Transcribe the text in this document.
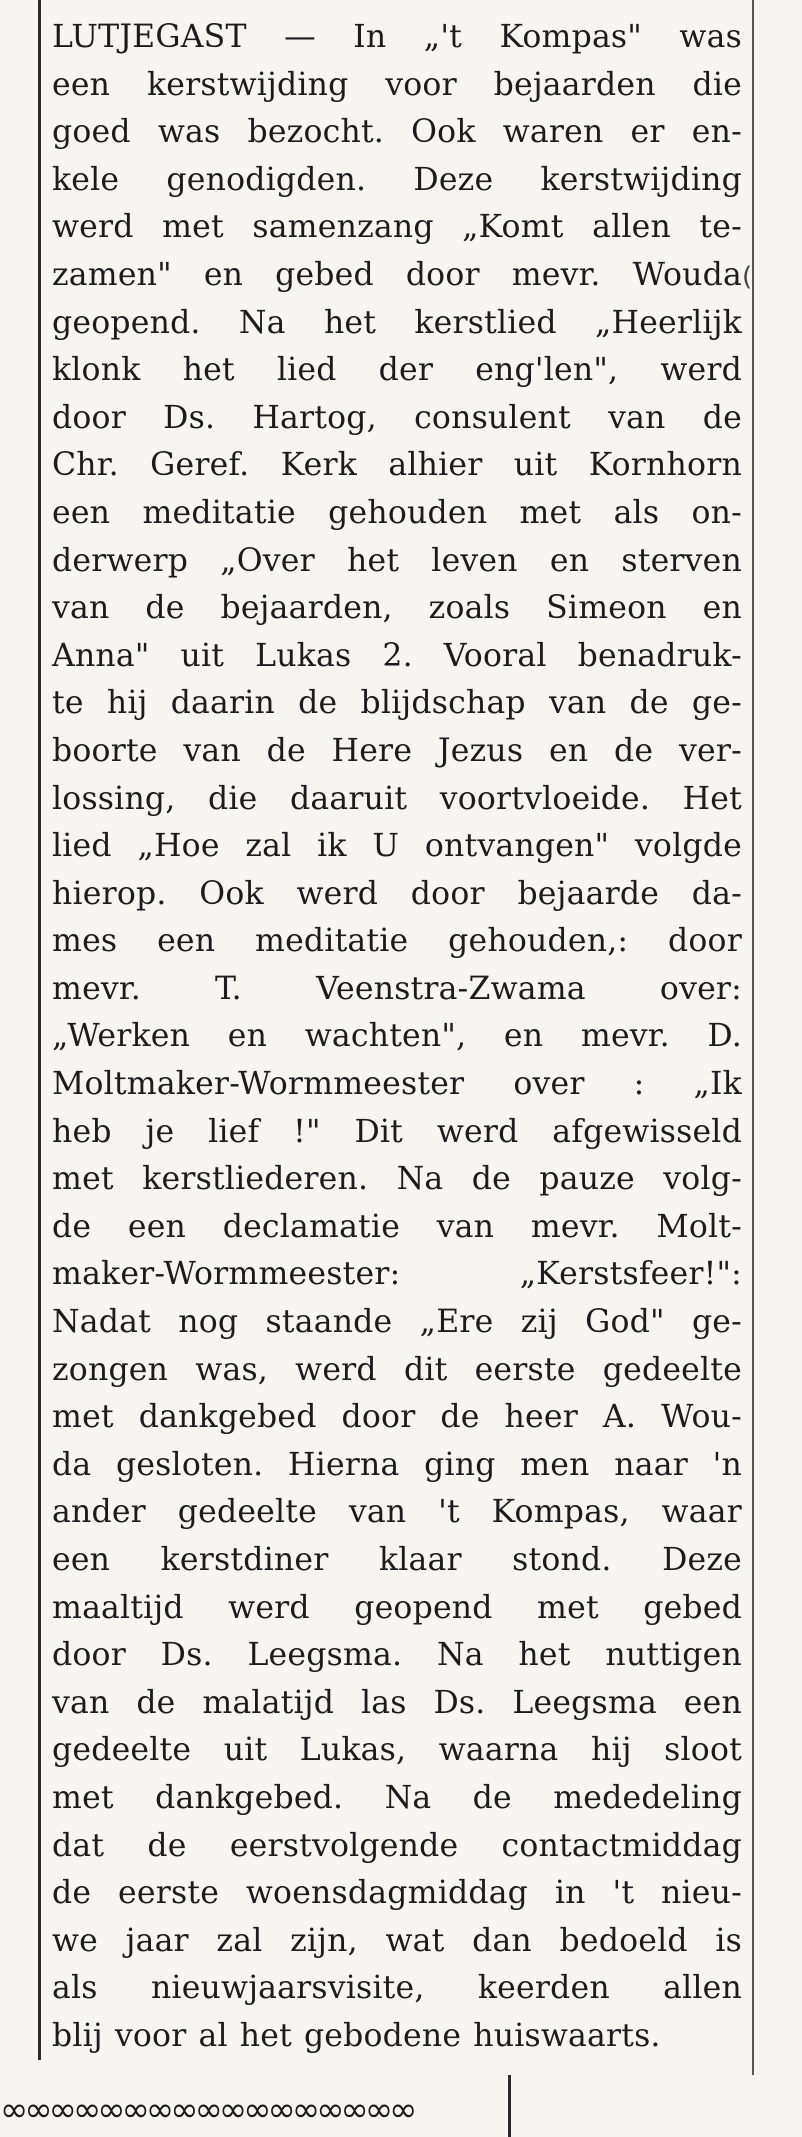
LUTJEGAST — In „'t Kompas" was
een kerstwijding voor bejaarden die
goed was bezocht. Ook waren er en-
kele genodigden. Deze kerstwijding
werd met samenzang „Komt allen te-
zamen" en gebed door mevr. Wouda
geopend. Na het kerstlied „Heerlijk
klonk het lied der eng'len", werd
door Ds. Hartog, consulent van de
Chr. Geref. Kerk alhier uit Kornhorn
een meditatie gehouden met als on-
derwerp „Over het leven en sterven
van de bejaarden, zoals Simeon en
Anna" uit Lukas 2. Vooral benadruk-
te hij daarin de blijdschap van de ge-
boorte van de Here Jezus en de ver-
lossing, die daaruit voortvloeide. Het
lied „Hoe zal ik U ontvangen" volgde
hierop. Ook werd door bejaarde da-
mes een meditatie gehouden,: door
mevr. T. Veenstra-Zwama over:
„Werken en wachten", en mevr. D.
Moltmaker-Wormmeester over : „Ik
heb je lief !" Dit werd afgewisseld
met kerstliederen. Na de pauze volg-
de een declamatie van mevr. Molt-
maker-Wormmeester:	„Kerstsfeer!":
Nadat nog staande „Ere zij God" ge-
zongen was, werd dit eerste gedeelte
met dankgebed door de heer A. Wou-
da gesloten. Hierna ging men naar 'n
ander gedeelte van 't Kompas, waar
een kerstdiner klaar stond. Deze
maaltijd werd geopend met gebed
door Ds. Leegsma. Na het nuttigen
van de malatijd las Ds. Leegsma een
gedeelte uit Lukas, waarna hij sloot
met dankgebed. Na de mededeling
dat de eerstvolgende contactmiddag
de eerste woensdagmiddag in 't nieu-
we jaar zal zijn, wat dan bedoeld is
als nieuwjaarsvisite, keerden allen
blij voor al het gebodene huiswaarts.
∞∞∞∞∞∞∞∞∞∞∞∞∞∞∞∞∞
(
